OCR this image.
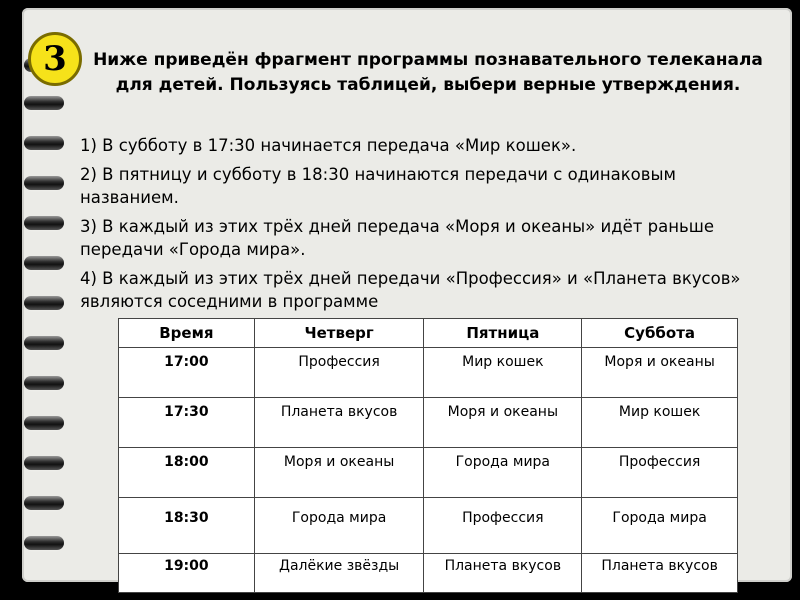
3	Ниже приведён фрагмент программы познавательного телеканала для детей. Пользуясь таблицей, выбери верные утверждения.

1) В субботу в 17:30 начинается передача «Мир кошек».

2) В пятницу и субботу в 18:30 начинаются передачи с одинаковым названием.

3) В каждый из этих трёх дней передача «Моря и океаны» идёт раньше передачи «Города мира».

4) В каждый из этих трёх дней передачи «Профессия» и «Планета вкусов» являются соседними в программе

Время	Четверг	Пятница	Суббота
17:00	Профессия	Мир кошек	Моря и океаны
17:30	Планета вкусов	Моря и океаны	Мир кошек
18:00	Моря и океаны	Города мира	Профессия
18:30	Города мира	Профессия	Города мира
19:00	Далёкие звёзды	Планета вкусов	Планета вкусов
